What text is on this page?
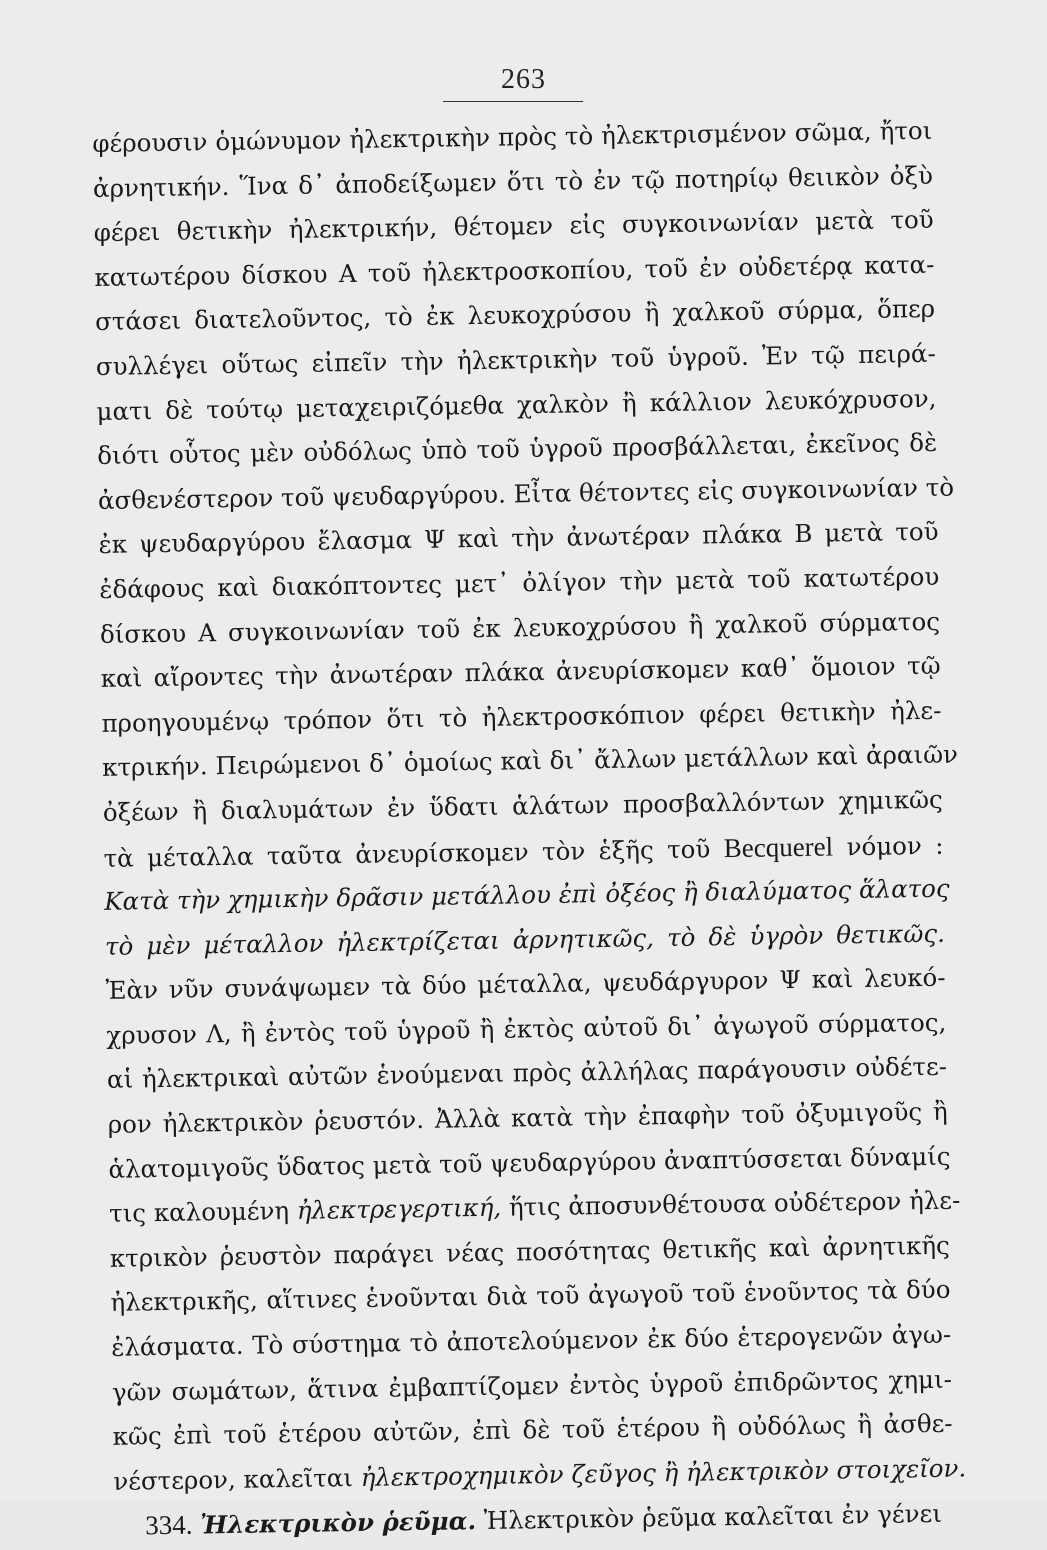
263
φέρουσιν ὁμώνυμον ἠλεκτρικὴν πρὸς τὸ ἠλεκτρισμένον σῶμα, ἤτοι
ἀρνητικήν. Ἵνα δ᾿ ἀποδείξωμεν ὅτι τὸ ἐν τῷ ποτηρίῳ θειικὸν ὀξὺ
φέρει θετικὴν ἠλεκτρικήν, θέτομεν εἰς συγκοινωνίαν μετὰ τοῦ
κατωτέρου δίσκου Α τοῦ ἠλεκτροσκοπίου, τοῦ ἐν οὐδετέρᾳ κατα-
στάσει διατελοῦντος, τὸ ἐκ λευκοχρύσου ἢ χαλκοῦ σύρμα, ὅπερ
συλλέγει οὕτως εἰπεῖν τὴν ἠλεκτρικὴν τοῦ ὑγροῦ. Ἐν τῷ πειρά-
ματι δὲ τούτῳ μεταχειριζόμεθα χαλκὸν ἢ κάλλιον λευκόχρυσον,
διότι οὗτος μὲν οὐδόλως ὑπὸ τοῦ ὑγροῦ προσβάλλεται, ἐκεῖνος δὲ
ἀσθενέστερον τοῦ ψευδαργύρου. Εἶτα θέτοντες εἰς συγκοινωνίαν τὸ
ἐκ ψευδαργύρου ἔλασμα Ψ καὶ τὴν ἀνωτέραν πλάκα Β μετὰ τοῦ
ἐδάφους καὶ διακόπτοντες μετ᾿ ὀλίγον τὴν μετὰ τοῦ κατωτέρου
δίσκου Α συγκοινωνίαν τοῦ ἐκ λευκοχρύσου ἢ χαλκοῦ σύρματος
καὶ αἴροντες τὴν ἀνωτέραν πλάκα ἀνευρίσκομεν καθ᾿ ὅμοιον τῷ
προηγουμένῳ τρόπον ὅτι τὸ ἠλεκτροσκόπιον φέρει θετικὴν ἠλε-
κτρικήν. Πειρώμενοι δ᾿ ὁμοίως καὶ δι᾿ ἄλλων μετάλλων καὶ ἀραιῶν
ὀξέων ἢ διαλυμάτων ἐν ὕδατι ἁλάτων προσβαλλόντων χημικῶς
τὰ μέταλλα ταῦτα ἀνευρίσκομεν τὸν ἑξῆς τοῦ Becquerel νόμον :
Κατὰ τὴν χημικὴν δρᾶσιν μετάλλου ἐπὶ ὀξέος ἢ διαλύματος ἅλατος
τὸ μὲν μέταλλον ἠλεκτρίζεται ἀρνητικῶς, τὸ δὲ ὑγρὸν θετικῶς.
Ἐὰν νῦν συνάψωμεν τὰ δύο μέταλλα, ψευδάργυρον Ψ καὶ λευκό-
χρυσον Λ, ἢ ἐντὸς τοῦ ὑγροῦ ἢ ἐκτὸς αὐτοῦ δι᾿ ἀγωγοῦ σύρματος,
αἱ ἠλεκτρικαὶ αὐτῶν ἑνούμεναι πρὸς ἀλλήλας παράγουσιν οὐδέτε-
ρον ἠλεκτρικὸν ῥευστόν. Ἀλλὰ κατὰ τὴν ἐπαφὴν τοῦ ὀξυμιγοῦς ἢ
ἁλατομιγοῦς ὕδατος μετὰ τοῦ ψευδαργύρου ἀναπτύσσεται δύναμίς
τις καλουμένη ἠλεκτρεγερτική, ἥτις ἀποσυνθέτουσα οὐδέτερον ἠλε-
κτρικὸν ῥευστὸν παράγει νέας ποσότητας θετικῆς καὶ ἀρνητικῆς
ἠλεκτρικῆς, αἵτινες ἑνοῦνται διὰ τοῦ ἀγωγοῦ τοῦ ἑνοῦντος τὰ δύο
ἐλάσματα. Τὸ σύστημα τὸ ἀποτελούμενον ἐκ δύο ἑτερογενῶν ἀγω-
γῶν σωμάτων, ἅτινα ἐμβαπτίζομεν ἐντὸς ὑγροῦ ἐπιδρῶντος χημι-
κῶς ἐπὶ τοῦ ἑτέρου αὐτῶν, ἐπὶ δὲ τοῦ ἑτέρου ἢ οὐδόλως ἢ ἀσθε-
νέστερον, καλεῖται ἠλεκτροχημικὸν ζεῦγος ἢ ἠλεκτρικὸν στοιχεῖον.
334. Ἠλεκτρικὸν ῥεῦμα. Ἠλεκτρικὸν ῥεῦμα καλεῖται ἐν γένει
